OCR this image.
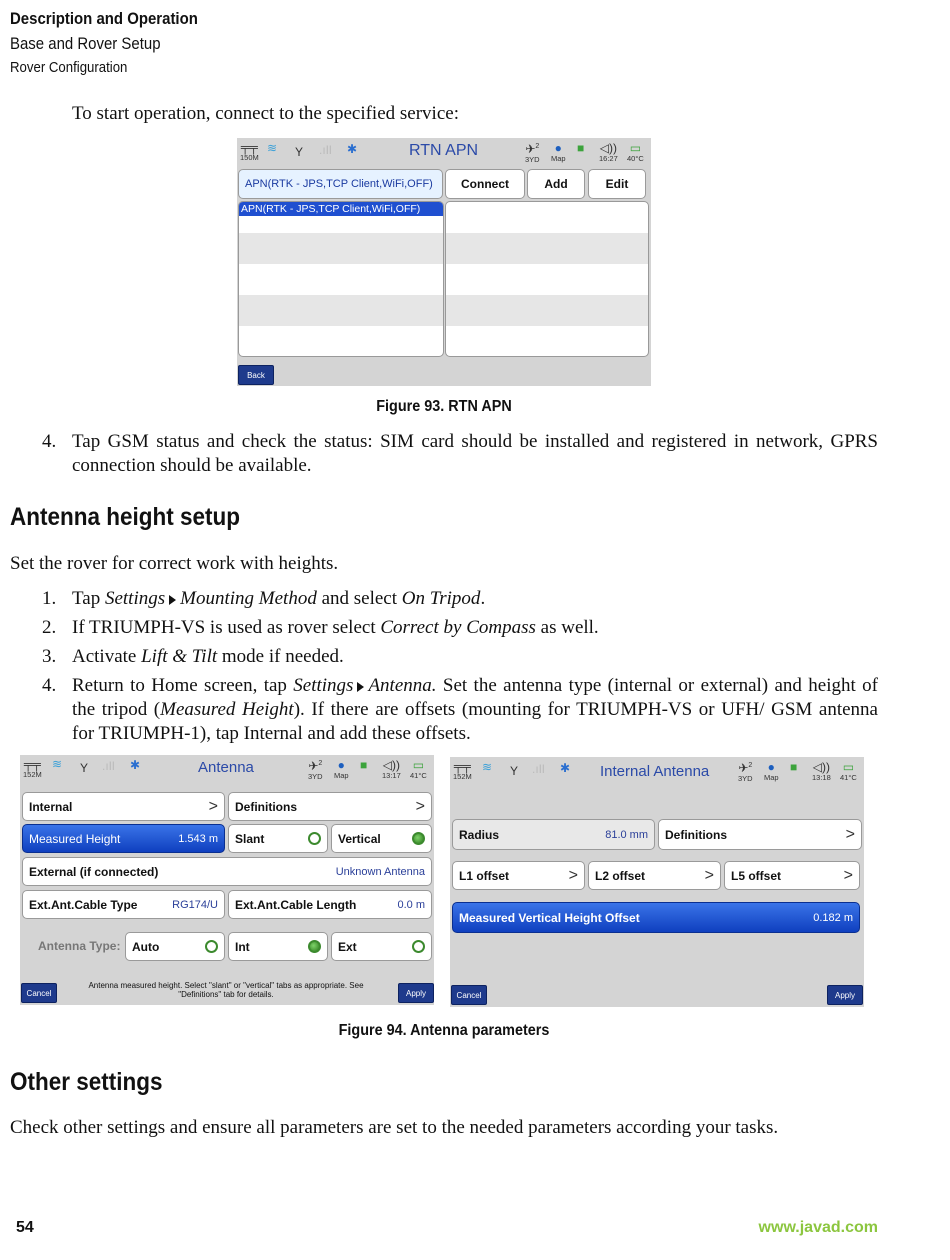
Description and Operation
Base and Rover Setup
Rover Configuration
To start operation, connect to the specified service:
╤╤
150M
≋ Y .ıIl ✱	RTN APN	✈$^2$
3YD
●
Map
■ ◁))
16:27
▭
40°C
APN(RTK - JPS,TCP Client,WiFi,OFF)	Connect	Add	Edit
APN(RTK - JPS,TCP Client,WiFi,OFF)
Back
Figure 93. RTN APN
4. Tap GSM status and check the status: SIM card should be installed and registered in network, GPRS connection should be available.
Antenna height setup
Set the rover for correct work with heights.
1. Tap Settings Mounting Method and select On Tripod.
2. If TRIUMPH-VS is used as rover select Correct by Compass as well.
3. Activate Lift & Tilt mode if needed.
4. Return to Home screen, tap Settings Antenna. Set the antenna type (internal or external) and height of the tripod (Measured Height). If there are offsets (mounting for TRIUMPH-VS or UFH/ GSM antenna for TRIUMPH-1), tap Internal and add these offsets.
╤╤
152M
≋ Y .ıIl ✱	Antenna	✈$^2$
3YD
●
Map
■ ◁))
13:17
▭
41°C
Internal	> Definitions	>
Measured Height	1.543 m Slant	Vertical
External (if connected)	Unknown Antenna
Ext.Ant.Cable Type	RG174/U Ext.Ant.Cable Length	0.0 m
Antenna Type: Auto	Int	Ext
Cancel
Antenna measured height. Select "slant" or "vertical" tabs as appropriate. See "Definitions" tab for details.	Apply
╤╤
152M
≋ Y .ıIl ✱ Internal Antenna ✈$^2$
3YD
●
Map
■ ◁))
13:18
▭
41°C
Radius	81.0 mm Definitions	>
L1 offset	> L2 offset	> L5 offset	>
Measured Vertical Height Offset	0.182 m
Cancel	Apply
Figure 94. Antenna parameters
Other settings
Check other settings and ensure all parameters are set to the needed parameters according your tasks.
54	www.javad.com
